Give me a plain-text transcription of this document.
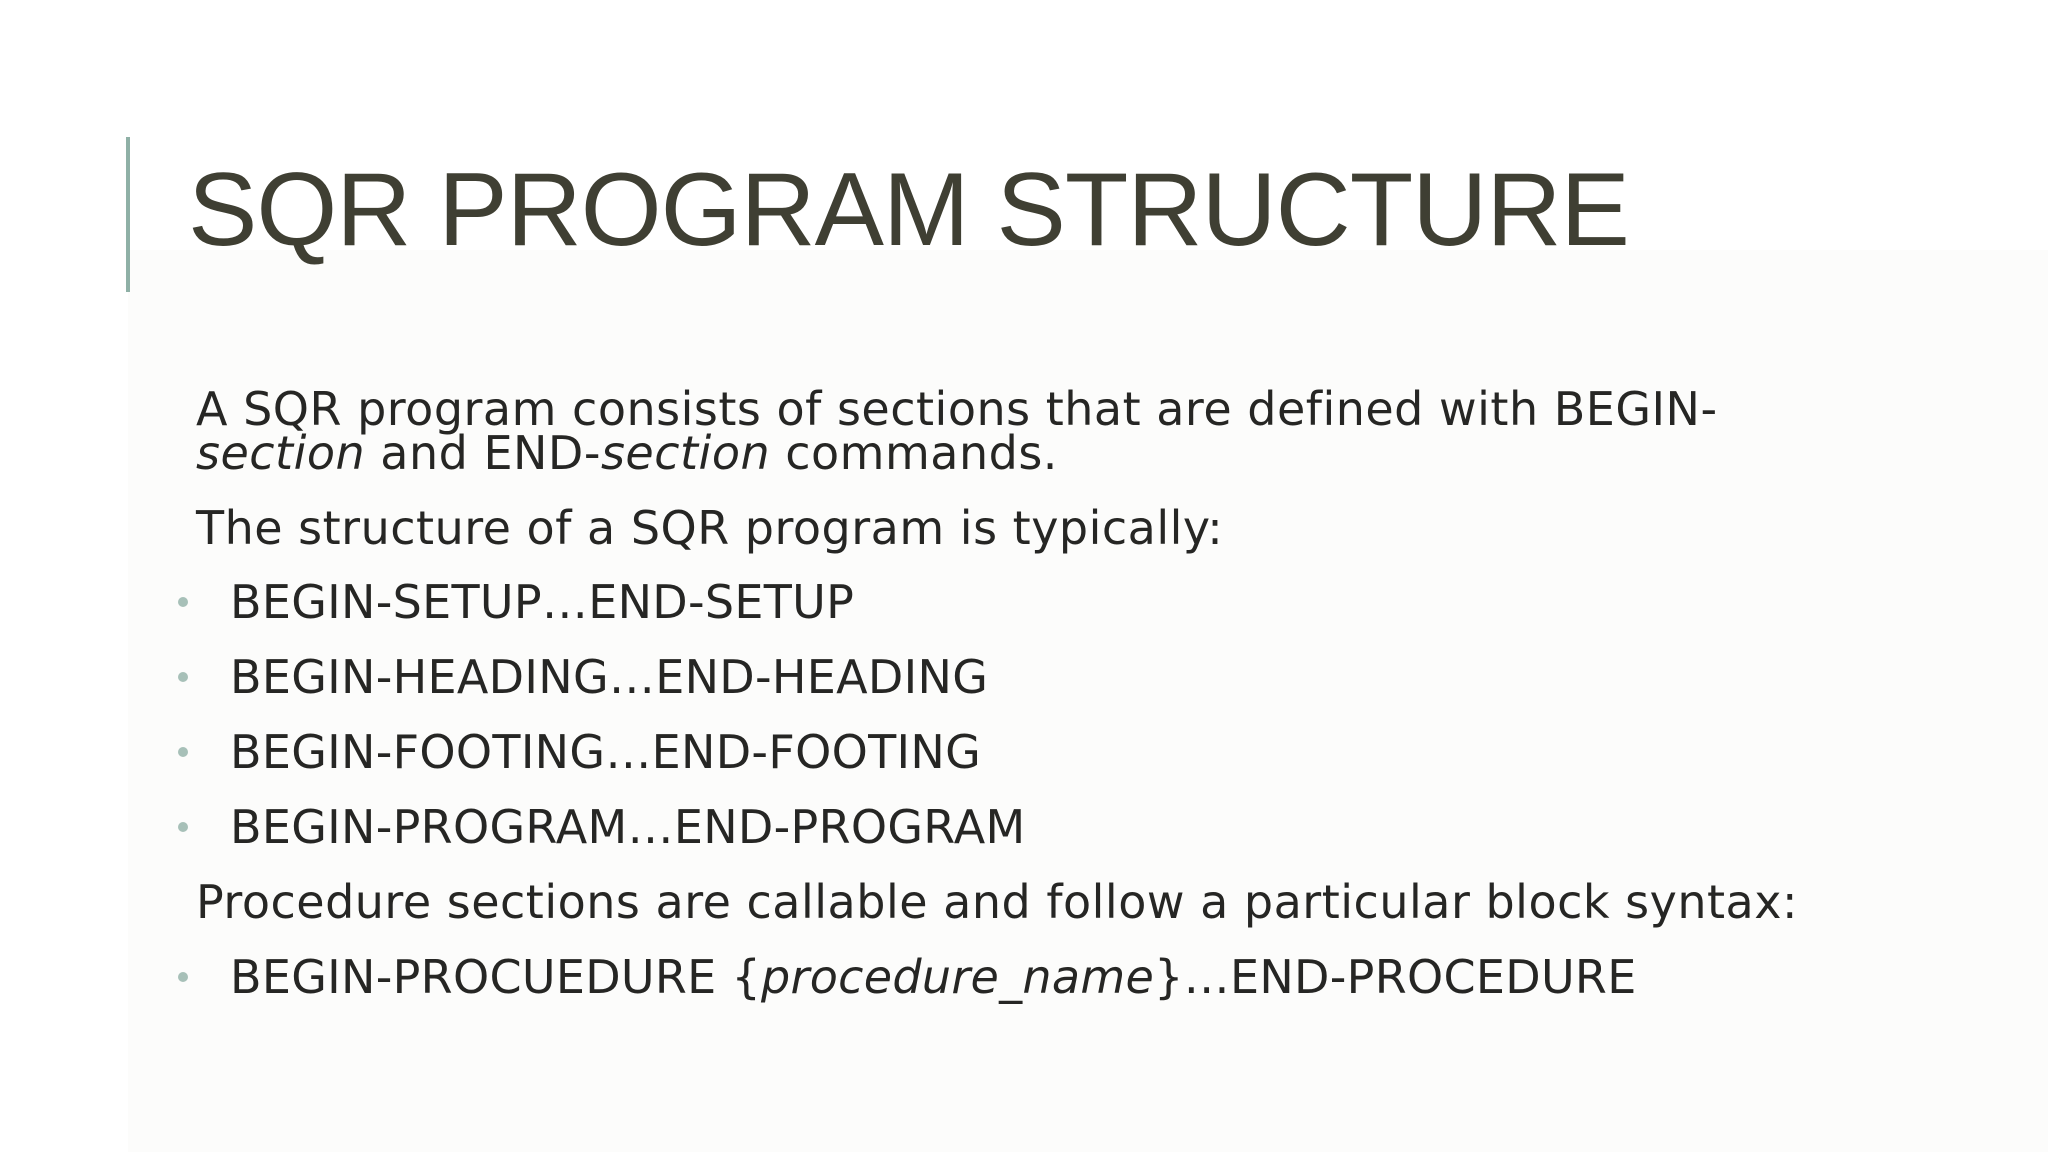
SQR PROGRAM STRUCTURE
A SQR program consists of sections that are defined with BEGIN-
section and END-section commands.
The structure of a SQR program is typically:
BEGIN-SETUP…END-SETUP
BEGIN-HEADING…END-HEADING
BEGIN-FOOTING…END-FOOTING
BEGIN-PROGRAM…END-PROGRAM
Procedure sections are callable and follow a particular block syntax:
BEGIN-PROCUEDURE { procedure_name }…END-PROCEDURE
